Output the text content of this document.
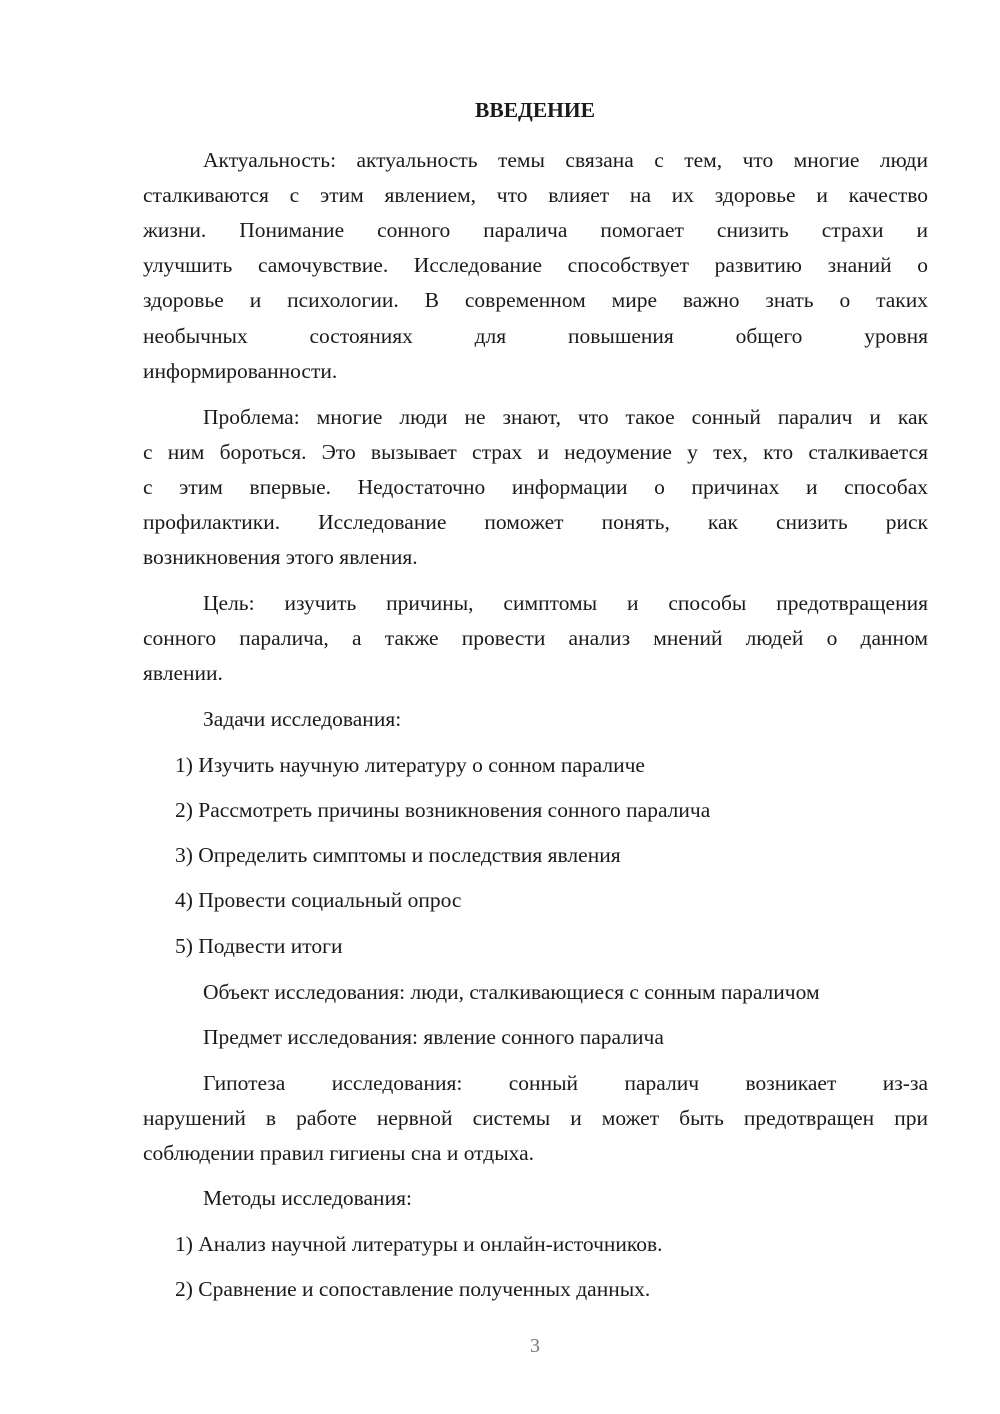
ВВЕДЕНИЕ
Актуальность: актуальность темы связана с тем, что многие люди
сталкиваются с этим явлением, что влияет на их здоровье и качество
жизни. Понимание сонного паралича помогает снизить страхи и
улучшить самочувствие. Исследование способствует развитию знаний о
здоровье и психологии. В современном мире важно знать о таких
необычных состояниях для повышения общего уровня
информированности.
Проблема: многие люди не знают, что такое сонный паралич и как
с ним бороться. Это вызывает страх и недоумение у тех, кто сталкивается
с этим впервые. Недостаточно информации о причинах и способах
профилактики. Исследование поможет понять, как снизить риск
возникновения этого явления.
Цель: изучить причины, симптомы и способы предотвращения
сонного паралича, а также провести анализ мнений людей о данном
явлении.
Задачи исследования:
1) Изучить научную литературу о сонном параличе
2) Рассмотреть причины возникновения сонного паралича
3) Определить симптомы и последствия явления
4) Провести социальный опрос
5) Подвести итоги
Объект исследования: люди, сталкивающиеся с сонным параличом
Предмет исследования: явление сонного паралича
Гипотеза исследования: сонный паралич возникает из-за
нарушений в работе нервной системы и может быть предотвращен при
соблюдении правил гигиены сна и отдыха.
Методы исследования:
1) Анализ научной литературы и онлайн-источников.
2) Сравнение и сопоставление полученных данных.
3
